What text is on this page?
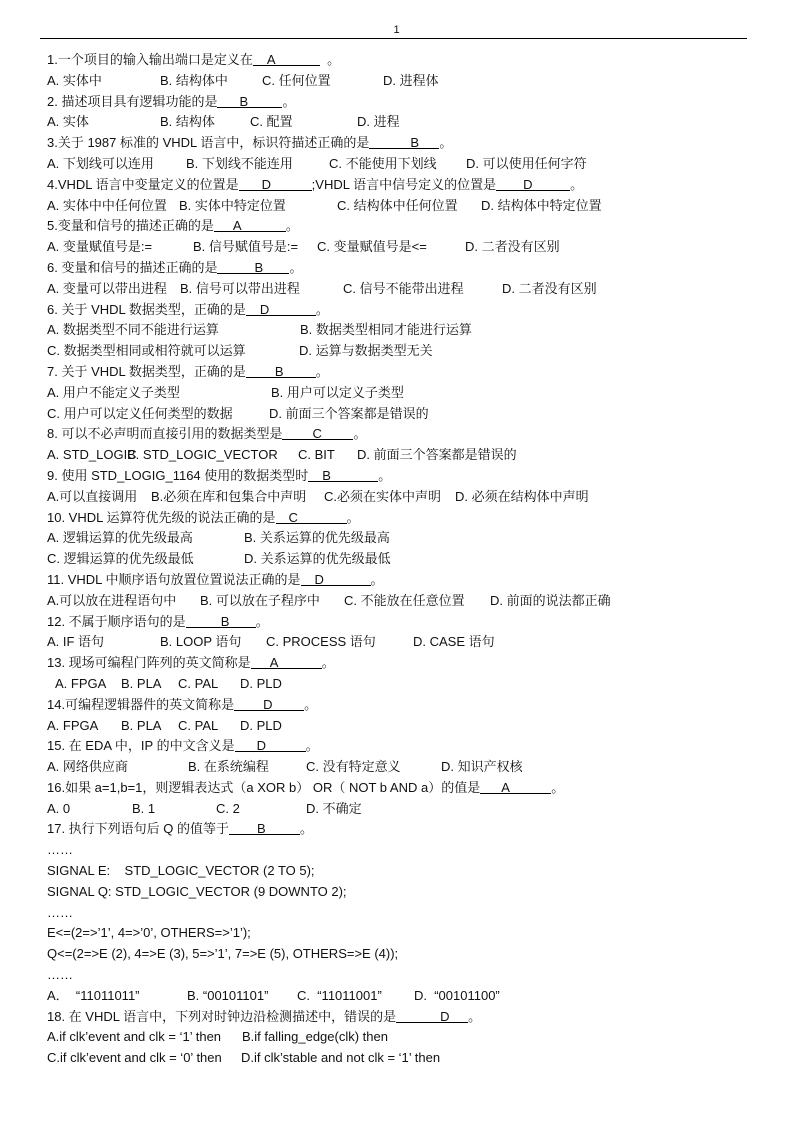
1
1.一个项目的输入输出端口是定义在 A	。
A. 实体中	B. 结构体中	C. 任何位置	D. 进程体
2. 描述项目具有逻辑功能的是 B	。
A. 实体	B. 结构体	C. 配置	D. 进程
3.关于 1987 标准的 VHDL 语言中，标识符描述正确的是	B 。
A. 下划线可以连用 B. 下划线不能连用	C. 不能使用下划线 D. 可以使用任何字符
4.VHDL 语言中变量定义的位置是 D	;VHDL 语言中信号定义的位置是 D	。
A. 实体中中任何位置 B. 实体中特定位置	C. 结构体中任何位置 D. 结构体中特定位置
5.变量和信号的描述正确的是 A	。
A. 变量赋值号是:=	B. 信号赋值号是:= C. 变量赋值号是<=	D. 二者没有区别
6. 变量和信号的描述正确的是	B 。
A. 变量可以带出进程 B. 信号可以带出进程	C. 信号不能带出进程	D. 二者没有区别
6. 关于 VHDL 数据类型，正确的是 D	。
A. 数据类型不同不能进行运算	B. 数据类型相同才能进行运算
C. 数据类型相同或相符就可以运算	D. 运算与数据类型无关
7. 关于 VHDL 数据类型，正确的是 B 。
A. 用户不能定义子类型	B. 用户可以定义子类型
C. 用户可以定义任何类型的数据	D. 前面三个答案都是错误的
8. 可以不必声明而直接引用的数据类型是 C 。
A. STD_LOGIC
B. STD_LOGIC_VECTOR C. BIT D. 前面三个答案都是错误的
9. 使用 STD_LOGIG_1164 使用的数据类型时 B	。
A.可以直接调用 B.必须在库和包集合中声明 C.必须在实体中声明 D. 必须在结构体中声明
10. VHDL 运算符优先级的说法正确的是 C	。
A. 逻辑运算的优先级最高	B. 关系运算的优先级最高
C. 逻辑运算的优先级最低	D. 关系运算的优先级最低
11. VHDL 中顺序语句放置位置说法正确的是 D	。
A.可以放在进程语句中 B. 可以放在子程序中 C. 不能放在任意位置 D. 前面的说法都正确
12. 不属于顺序语句的是	B 。
A. IF 语句	B. LOOP 语句 C. PROCESS 语句	D. CASE 语句
13. 现场可编程门阵列的英文简称是 A	。
A. FPGA B. PLA C. PAL D. PLD
14.可编程逻辑器件的英文简称是 D 。
A. FPGA B. PLA C. PAL D. PLD
15. 在 EDA 中，IP 的中文含义是 D	。
A. 网络供应商	B. 在系统编程	C. 没有特定意义	D. 知识产权核
16.如果 a=1,b=1，则逻辑表达式（a XOR b） OR（ NOT b AND a）的值是 A	。
A. 0	B. 1	C. 2	D. 不确定
17. 执行下列语句后 Q 的值等于 B	。
……
SIGNAL E:    STD_LOGIC_VECTOR (2 TO 5);
SIGNAL Q: STD_LOGIC_VECTOR (9 DOWNTO 2);
……
E<=(2=>’1’, 4=>’0’, OTHERS=>’1’);
Q<=(2=>E (2), 4=>E (3), 5=>’1’, 7=>E (5), OTHERS=>E (4));
……
A．  “11011011”	B. “00101101” C.  “11011001” D.  “00101100”
18. 在 VHDL 语言中，下列对时钟边沿检测描述中，错误的是	D 。
A.if clk’event and clk = ‘1’ then B.if falling_edge(clk) then
C.if clk’event and clk = ‘0’ then D.if clk’stable and not clk = ‘1’ then
